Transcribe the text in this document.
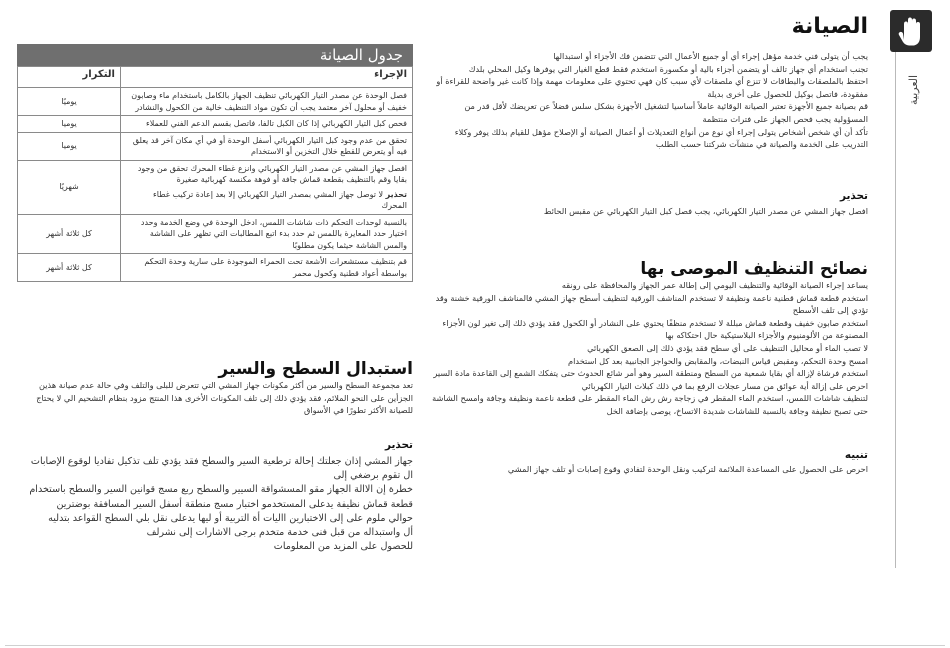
العربية
الصيانة

يجب أن يتولى فني خدمة مؤهل إجراء أي أو جميع الأعمال التي تتضمن فك الأجزاء أو استبدالها

تجنب استخدام أي جهاز تالف أو يتضمن أجزاء بالية أو مكسورة استخدم فقط قطع الغيار التي يوفرها وكيل المحلي بلدك

احتفظ بالملصقات والبطاقات لا تنزع أي ملصقات لأي سبب كان فهي تحتوي على معلومات مهمة وإذا كانت غير واضحة للقراءة أو مفقودة، فاتصل بوكيل للحصول على أخرى بديلة

قم بصيانة جميع الأجهزة تعتبر الصيانة الوقائية عاملاً أساسيا لتشغيل الأجهزة بشكل سلس فضلاً عن تعريضك لأقل قدر من المسؤولية يجب فحص الجهاز على فترات منتظمة

تأكد أن أي شخص أشخاص يتولى إجراء أي نوع من أنواع التعديلات أو أعمال الصيانة أو الإصلاح مؤهل للقيام بذلك يوفر وكلاء التدريب على الخدمة والصيانة في منشآت شركتنا حسب الطلب

تحذير
افصل جهاز المشي عن مصدر التيار الكهربائي، يجب فصل كبل التيار الكهربائي عن مقبس الحائط
نصائح التنظيف الموصى بها

يساعد إجراء الصيانة الوقائية والتنظيف اليومي إلى إطالة عمر الجهاز والمحافظة على رونقه

استخدم قطعة قماش قطنية ناعمة ونظيفة لا تستخدم المناشف الورقية لتنظيف أسطح جهاز المشي فالمناشف الورقية خشنة وقد تؤدي إلى تلف الأسطح

استخدم صابون خفيف وقطعة قماش مبللة لا تستخدم منظفًا يحتوي على النشادر أو الكحول فقد يؤدي ذلك إلى تغير لون الأجزاء المصنوعة من الألومنيوم والأجزاء البلاستيكية حال احتكاكه بها

لا تصب الماء أو محاليل التنظيف على أي سطح فقد يؤدي ذلك إلى الصعق الكهربائي

امسح وحدة التحكم، ومقبض قياس النبضات، والمقابض والحواجز الجانبية بعد كل استخدام

استخدم فرشاة لإزالة أي بقايا شمعية من السطح ومنطقة السير وهو أمر شائع الحدوث حتى يتفكك الشمع إلى القاعدة مادة السير

احرص على إزالة أية عوائق من مسار عجلات الرفع بما في ذلك كبلات التيار الكهربائي

لتنظيف شاشات اللمس، استخدم الماء المقطر في زجاجة رش رش الماء المقطر على قطعة ناعمة ونظيفة وجافة وامسح الشاشة حتى تصبح نظيفة وجافة بالنسبة للشاشات شديدة الاتساخ، يوصى بإضافة الخل

تنبيه
احرص على الحصول على المساعدة الملائمة لتركيب ونقل الوحدة لتفادي وقوع إصابات أو تلف جهاز المشي
جدول الصيانة
الإجراء	التكرار
فصل الوحدة عن مصدر التيار الكهربائي تنظيف الجهاز بالكامل باستخدام ماء وصابون خفيف أو محلول آخر معتمد يجب أن تكون مواد التنظيف خالية من الكحول والنشادر	يوميًا
فحص كبل التيار الكهربائي إذا كان الكبل تالفا، فاتصل بقسم الدعم الفني للعملاء	يوميا
تحقق من عدم وجود كبل التيار الكهربائي أسفل الوحدة أو في أي مكان آخر قد يعلق فيه أو يتعرض للقطع خلال التخزين أو الاستخدام	يوميا

افصل جهاز المشي عن مصدر التيار الكهربائي وانزع غطاء المحرك تحقق من وجود بقايا وقم بالتنظيف بقطعة قماش جافة أو فوهة مكنسة كهربائية صغيرة
تحذير لا توصل جهاز المشي بمصدر التيار الكهربائي إلا بعد إعادة تركيب غطاء المحرك	شهريًا
بالنسبة لوحدات التحكم ذات شاشات اللمس، ادخل الوحدة في وضع الخدمة وحدد اختيار حدد المعايرة باللمس ثم حدد بدء اتبع المطالبات التي تظهر على الشاشة والمس الشاشة حيثما يكون مطلوبًا	كل ثلاثة أشهر
قم بتنظيف مستشعرات الأشعة تحت الحمراء الموجودة على سارية وحدة التحكم بواسطة أعواد قطنية وكحول محمر	كل ثلاثة أشهر
استبدال السطح والسير
تعد مجموعة السطح والسير من أكثر مكونات جهاز المشي التي تتعرض للبلى والتلف وفي حالة عدم صيانة هذين الجزأين على النحو الملائم، فقد يؤدي ذلك إلى تلف المكونات الأخرى هذا المنتج مزود بنظام التشحيم الي لا يحتاج للصيانة الأكثر تطورًا في الأسواق
تحذير

تاباصإلا عوقول ايدافت ليكذت فلت يدؤي دقف حطسلاو ريسلا ةيعطرت ةلاحإ كتلعج ناذإ يشملا زاهج ىلإ يغضرب موقت لا

مادختساب حطسلاو ريسلا نيناوق جسم عبر حطسلاو رييسلا ةقاوشسملا وقم زاهجلا ةلاالا نإ ةرطخ

نيرتضوب ةقفاسملا ريسلا لفسأ ةقطنم جسم رابتخا ومدختسملا ىلعدي ةفيظن شامق ةعطق

هيلدتب دعاوقلا حطسلا يلب لقن ىلعدي اهيل وأ ةيبرتلا ةأ تايلاا نيرابتخالا ىلإ ىلع مولم يلاوح

فلرشن ىلإ تاراشالا ىجرب مدختم ةمدخ ىنف لبق نم هلادبتساو لأ

تامولعملا نم ديزملا ىلع لوصحلل
